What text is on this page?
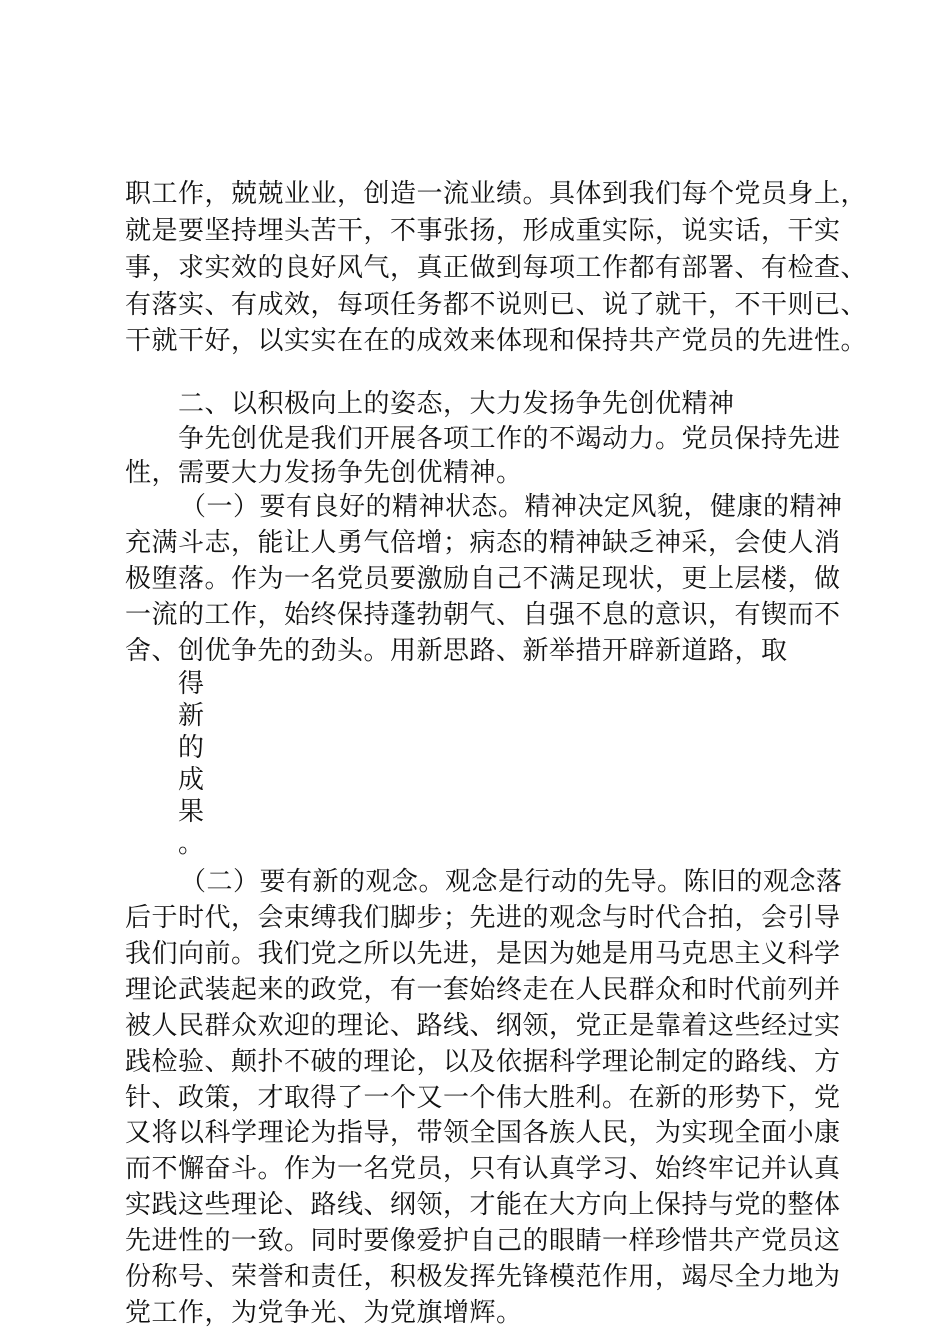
职工作，兢兢业业，创造一流业绩。具体到我们每个党员身上，
就是要坚持埋头苦干，不事张扬，形成重实际，说实话，干实
事，求实效的良好风气，真正做到每项工作都有部署、有检查、
有落实、有成效，每项任务都不说则已、说了就干，不干则已、
干就干好，以实实在在的成效来体现和保持共产党员的先进性。
二、以积极向上的姿态，大力发扬争先创优精神
争先创优是我们开展各项工作的不竭动力。党员保持先进
性，需要大力发扬争先创优精神。
（一）要有良好的精神状态。精神决定风貌，健康的精神
充满斗志，能让人勇气倍增；病态的精神缺乏神采，会使人消
极堕落。作为一名党员要激励自己不满足现状，更上层楼，做
一流的工作，始终保持蓬勃朝气、自强不息的意识，有锲而不
舍、创优争先的劲头。用新思路、新举措开辟新道路，取
得
新
的
成
果
。
（二）要有新的观念。观念是行动的先导。陈旧的观念落
后于时代，会束缚我们脚步；先进的观念与时代合拍，会引导
我们向前。我们党之所以先进，是因为她是用马克思主义科学
理论武装起来的政党，有一套始终走在人民群众和时代前列并
被人民群众欢迎的理论、路线、纲领，党正是靠着这些经过实
践检验、颠扑不破的理论，以及依据科学理论制定的路线、方
针、政策，才取得了一个又一个伟大胜利。在新的形势下，党
又将以科学理论为指导，带领全国各族人民，为实现全面小康
而不懈奋斗。作为一名党员，只有认真学习、始终牢记并认真
实践这些理论、路线、纲领，才能在大方向上保持与党的整体
先进性的一致。同时要像爱护自己的眼睛一样珍惜共产党员这
份称号、荣誉和责任，积极发挥先锋模范作用，竭尽全力地为
党工作，为党争光、为党旗增辉。
